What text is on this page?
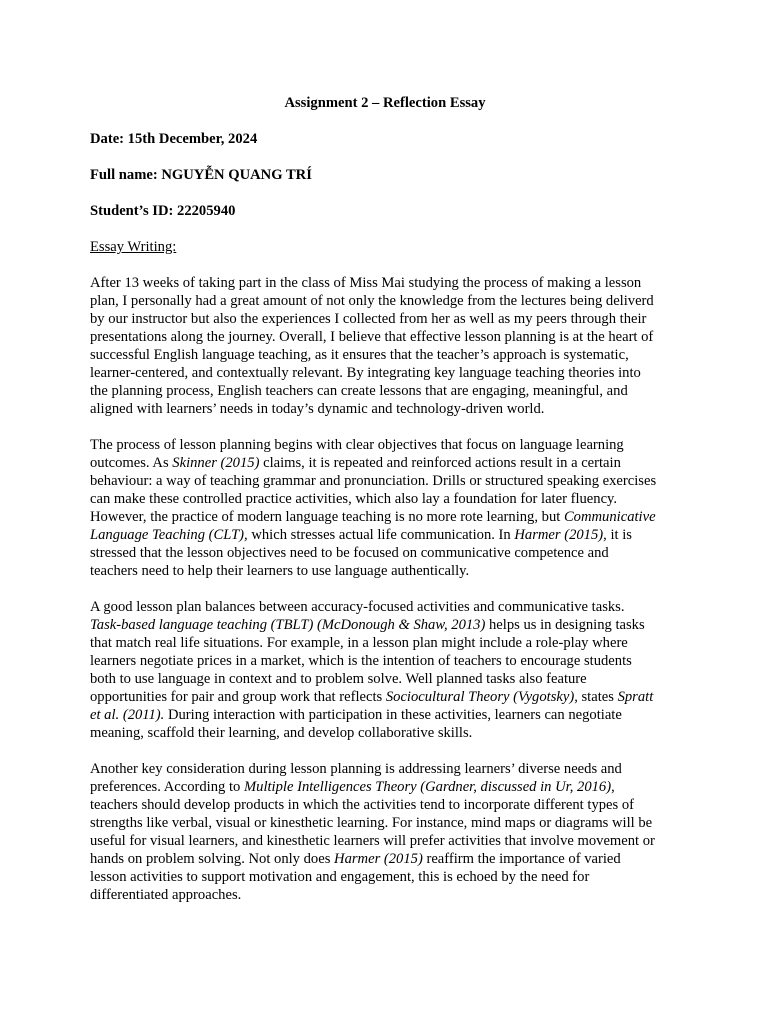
Assignment 2 – Reflection Essay
Date: 15th December, 2024
Full name: NGUYỄN QUANG TRÍ
Student’s ID: 22205940
Essay Writing:

After 13 weeks of taking part in the class of Miss Mai studying the process of making a lesson
plan, I personally had a great amount of not only the knowledge from the lectures being deliverd
by our instructor but also the experiences I collected from her as well as my peers through their
presentations along the journey. Overall, I believe that effective lesson planning is at the heart of
successful English language teaching, as it ensures that the teacher’s approach is systematic,
learner-centered, and contextually relevant. By integrating key language teaching theories into
the planning process, English teachers can create lessons that are engaging, meaningful, and
aligned with learners’ needs in today’s dynamic and technology-driven world.

The process of lesson planning begins with clear objectives that focus on language learning
outcomes. As Skinner (2015) claims, it is repeated and reinforced actions result in a certain
behaviour: a way of teaching grammar and pronunciation. Drills or structured speaking exercises
can make these controlled practice activities, which also lay a foundation for later fluency.
However, the practice of modern language teaching is no more rote learning, but Communicative
Language Teaching (CLT), which stresses actual life communication. In Harmer (2015), it is
stressed that the lesson objectives need to be focused on communicative competence and
teachers need to help their learners to use language authentically.

A good lesson plan balances between accuracy-focused activities and communicative tasks.
Task-based language teaching (TBLT) (McDonough & Shaw, 2013) helps us in designing tasks
that match real life situations. For example, in a lesson plan might include a role-play where
learners negotiate prices in a market, which is the intention of teachers to encourage students
both to use language in context and to problem solve. Well planned tasks also feature
opportunities for pair and group work that reflects Sociocultural Theory (Vygotsky), states Spratt
et al. (2011). During interaction with participation in these activities, learners can negotiate
meaning, scaffold their learning, and develop collaborative skills.

Another key consideration during lesson planning is addressing learners’ diverse needs and
preferences. According to Multiple Intelligences Theory (Gardner, discussed in Ur, 2016),
teachers should develop products in which the activities tend to incorporate different types of
strengths like verbal, visual or kinesthetic learning. For instance, mind maps or diagrams will be
useful for visual learners, and kinesthetic learners will prefer activities that involve movement or
hands on problem solving. Not only does Harmer (2015) reaffirm the importance of varied
lesson activities to support motivation and engagement, this is echoed by the need for
differentiated approaches.
